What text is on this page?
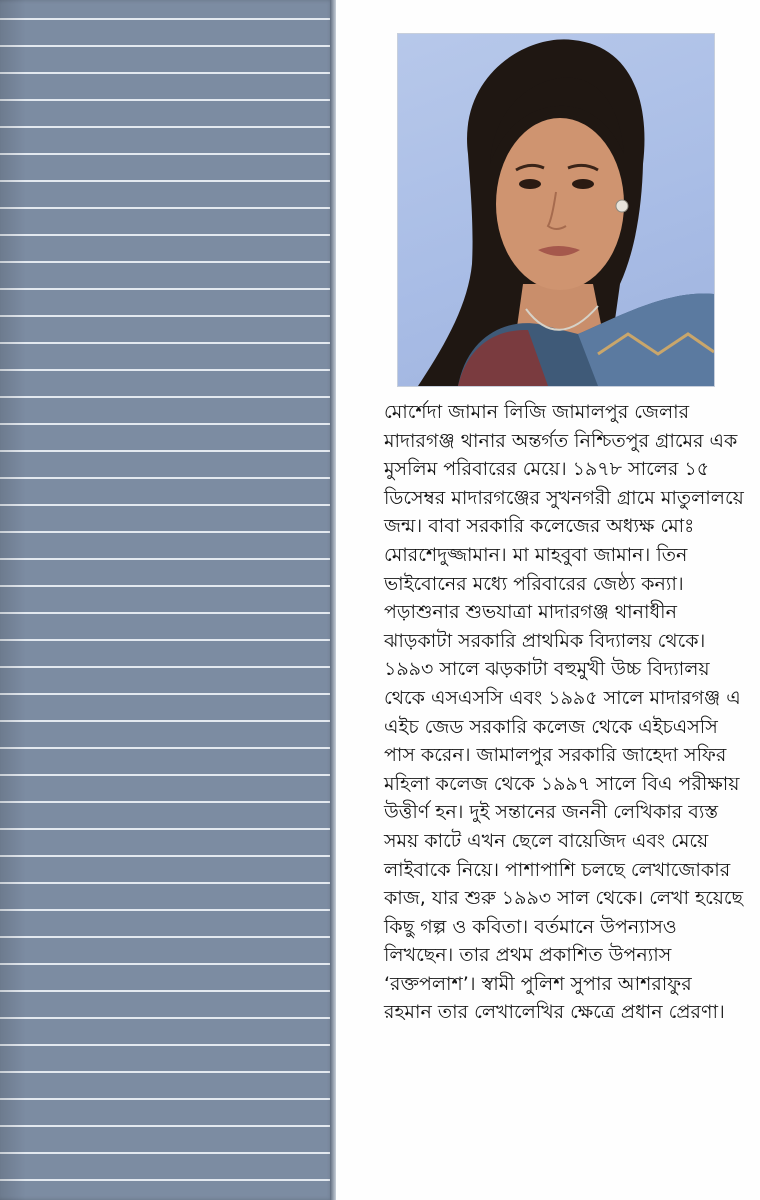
মোর্শেদা জামান লিজি জামালপুর জেলার মাদারগঞ্জ থানার অন্তর্গত নিশ্চিতপুর গ্রামের এক মুসলিম পরিবারের মেয়ে। ১৯৭৮ সালের ১৫ ডিসেম্বর মাদারগঞ্জের সুখনগরী গ্রামে মাতুলালয়ে জন্ম। বাবা সরকারি কলেজের অধ্যক্ষ মোঃ মোরশেদুজ্জামান। মা মাহবুবা জামান। তিন ভাইবোনের মধ্যে পরিবারের জেষ্ঠ্য কন্যা। পড়াশুনার শুভযাত্রা মাদারগঞ্জ থানাধীন ঝাড়কাটা সরকারি প্রাথমিক বিদ্যালয় থেকে। ১৯৯৩ সালে ঝড়কাটা বহুমুখী উচ্চ বিদ্যালয় থেকে এসএসসি এবং ১৯৯৫ সালে মাদারগঞ্জ এ এইচ জেড সরকারি কলেজ থেকে এইচএসসি পাস করেন। জামালপুর সরকারি জাহেদা সফির মহিলা কলেজ থেকে ১৯৯৭ সালে বিএ পরীক্ষায় উত্তীর্ণ হন। দুই সন্তানের জননী লেখিকার ব্যস্ত সময় কাটে এখন ছেলে বায়েজিদ এবং মেয়ে লাইবাকে নিয়ে। পাশাপাশি চলছে লেখাজোকার কাজ, যার শুরু ১৯৯৩ সাল থেকে। লেখা হয়েছে কিছু গল্প ও কবিতা। বর্তমানে উপন্যাসও লিখছেন। তার প্রথম প্রকাশিত উপন্যাস ‘রক্তপলাশ’। স্বামী পুলিশ সুপার আশরাফুর রহমান তার লেখালেখির ক্ষেত্রে প্রধান প্রেরণা।
